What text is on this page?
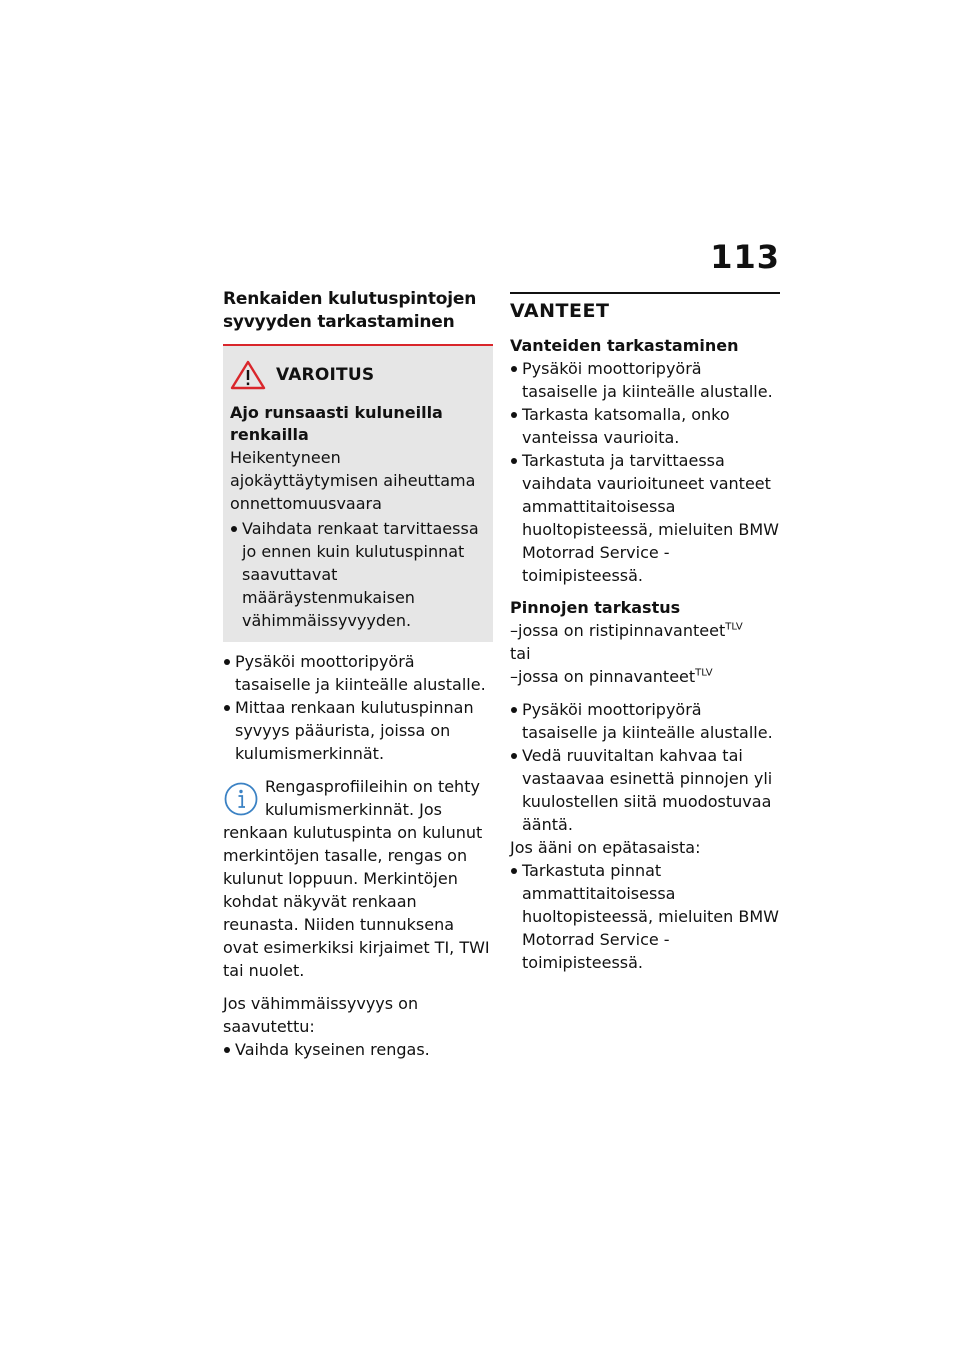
113
Renkaiden kulutuspintojen syvyyden tarkastaminen
VAROITUS

Ajo runsaasti kuluneilla renkailla

Heikentyneen ajokäyttäytymisen aiheuttama onnettomuusvaara

Vaihdata renkaat tarvittaessa jo ennen kuin kulutuspinnat saavuttavat määräystenmukaisen vähimmäissyvyyden.
Pysäköi moottoripyörä tasaiselle ja kiinteälle alustalle.
Mittaa renkaan kulutuspinnan syvyys pääurista, joissa on kulumismerkinnät.

Rengasprofiileihin on tehty kulumismerkinnät. Jos renkaan kulutuspinta on kulunut merkintöjen tasalle, rengas on kulunut loppuun. Merkintöjen kohdat näkyvät renkaan reunasta. Niiden tunnuksena ovat esimerkiksi kirjaimet TI, TWI tai nuolet.

Jos vähimmäissyvyys on saavutettu:

Vaihda kyseinen rengas.
VANTEET

Vanteiden tarkastaminen

Pysäköi moottoripyörä tasaiselle ja kiinteälle alustalle.
Tarkasta katsomalla, onko vanteissa vaurioita.
Tarkastuta ja tarvittaessa vaihdata vaurioituneet vanteet ammattitaitoisessa huoltopisteessä, mieluiten BMW Motorrad Service -toimipisteessä.

Pinnojen tarkastus

–jossa on ristipinnavanteet$^{TLV}$

tai

–jossa on pinnavanteet$^{TLV}$

Pysäköi moottoripyörä tasaiselle ja kiinteälle alustalle.
Vedä ruuvitaltan kahvaa tai vastaavaa esinettä pinnojen yli kuulostellen siitä muodostuvaa ääntä.

Jos ääni on epätasaista:

Tarkastuta pinnat ammattitaitoisessa huoltopisteessä, mieluiten BMW Motorrad Service -toimipisteessä.
